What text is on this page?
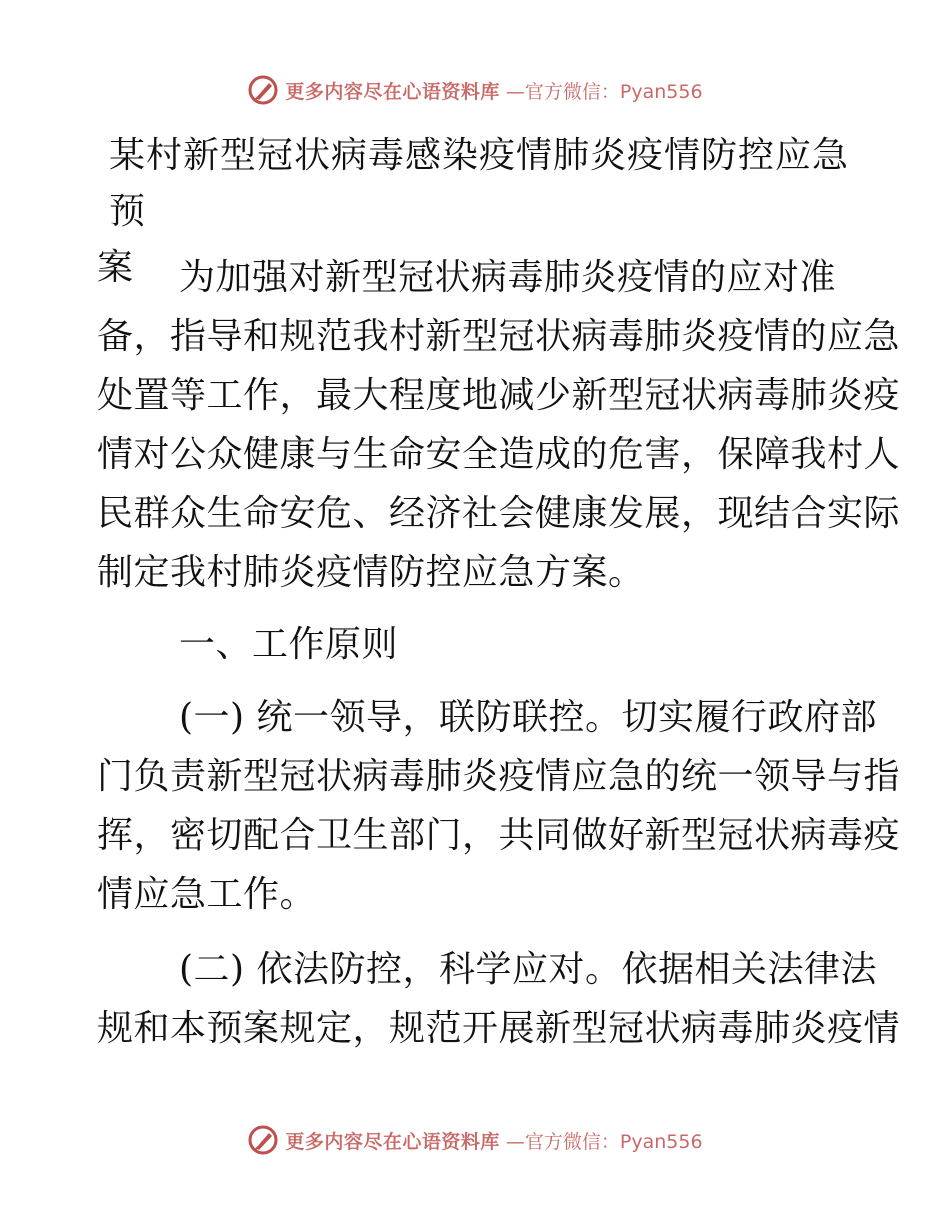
更多内容尽在心语资料库 —官方微信：Pyan556
某村新型冠状病毒感染疫情肺炎疫情防控应急预
案	为加强对新型冠状病毒肺炎疫情的应对准
备，指导和规范我村新型冠状病毒肺炎疫情的应急
处置等工作，最大程度地减少新型冠状病毒肺炎疫
情对公众健康与生命安全造成的危害，保障我村人
民群众生命安危、经济社会健康发展，现结合实际
制定我村肺炎疫情防控应急方案。

一、工作原则

(一) 统一领导，联防联控。切实履行政府部
门负责新型冠状病毒肺炎疫情应急的统一领导与指
挥，密切配合卫生部门，共同做好新型冠状病毒疫
情应急工作。

(二) 依法防控，科学应对。依据相关法律法
规和本预案规定，规范开展新型冠状病毒肺炎疫情

更多内容尽在心语资料库 —官方微信：Pyan556
